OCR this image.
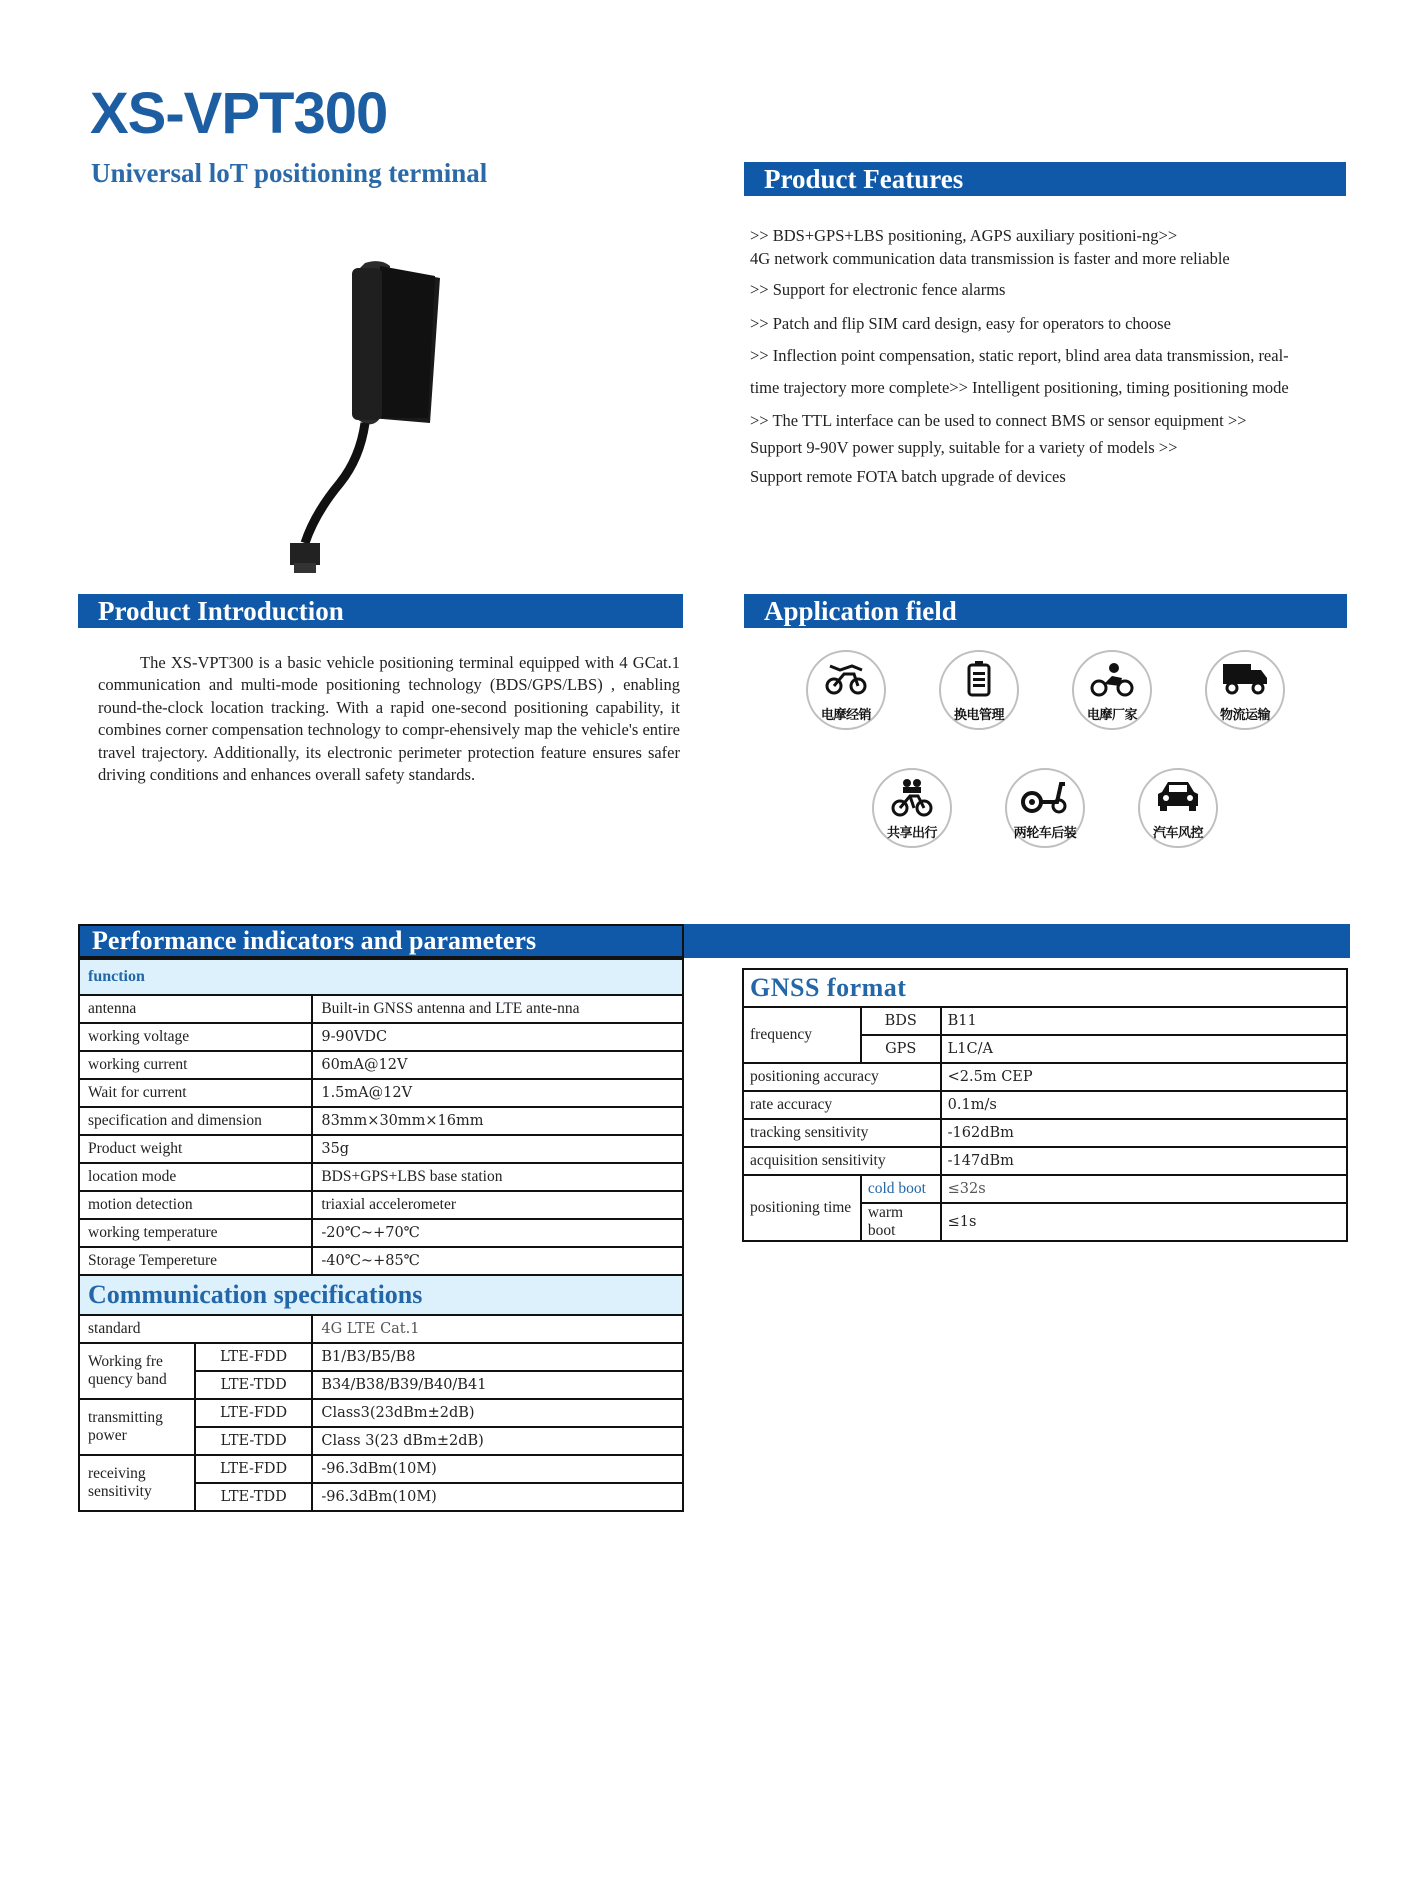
XS-VPT300
Universal loT positioning terminal	Product Features
>> BDS+GPS+LBS positioning, AGPS auxiliary positioni-ng>>
4G network communication data transmission is faster and more reliable
>> Support for electronic fence alarms
>> Patch and flip SIM card design, easy for operators to choose
>> Inflection point compensation, static report, blind area data transmission, real-
time trajectory more complete>> Intelligent positioning, timing positioning mode
>> The TTL interface can be used to connect BMS or sensor equipment >>
Support 9-90V power supply, suitable for a variety of models >>
Support remote FOTA batch upgrade of devices
Product Introduction

The XS-VPT300 is a basic vehicle positioning terminal equipped with 4 GCat.1 communication and multi-mode positioning technology (BDS/GPS/LBS) , enabling round-the-clock location tracking. With a rapid one-second positioning capability, it combines corner compensation technology to compr-ehensively map the vehicle's entire travel trajectory. Additionally, its electronic perimeter protection feature ensures safer driving conditions and enhances overall safety standards.

Application field
电摩经销	换电管理	电摩厂家	物流运输
共享出行	两轮车后装	汽车风控
Performance indicators and parameters
function		
antenna		Built-in GNSS antenna and LTE ante-nna
working voltage		9-90VDC
working current		60mA@12V
Wait for current		1.5mA@12V
specification and dimension		83mm×30mm×16mm
Product weight		35g
location mode		BDS+GPS+LBS base station
motion detection		triaxial accelerometer
working temperature		-20℃~+70℃
Storage Tempereture		-40℃~+85℃
Communication specifications		
standard		4G LTE Cat.1
Working fre quency band	LTE-FDD	B1/B3/B5/B8
	LTE-TDD	B34/B38/B39/B40/B41
transmitting power	LTE-FDD	Class3(23dBm±2dB)
	LTE-TDD	Class 3(23 dBm±2dB)
receiving sensitivity	LTE-FDD	-96.3dBm(10M)
	LTE-TDD	-96.3dBm(10M)
GNSS format		
frequency	BDS	B11
	GPS	L1C/A
positioning accuracy		<2.5m CEP
rate accuracy		0.1m/s
tracking sensitivity		-162dBm
acquisition sensitivity		-147dBm
positioning time	cold boot	≤32s
	warm boot	≤1s
